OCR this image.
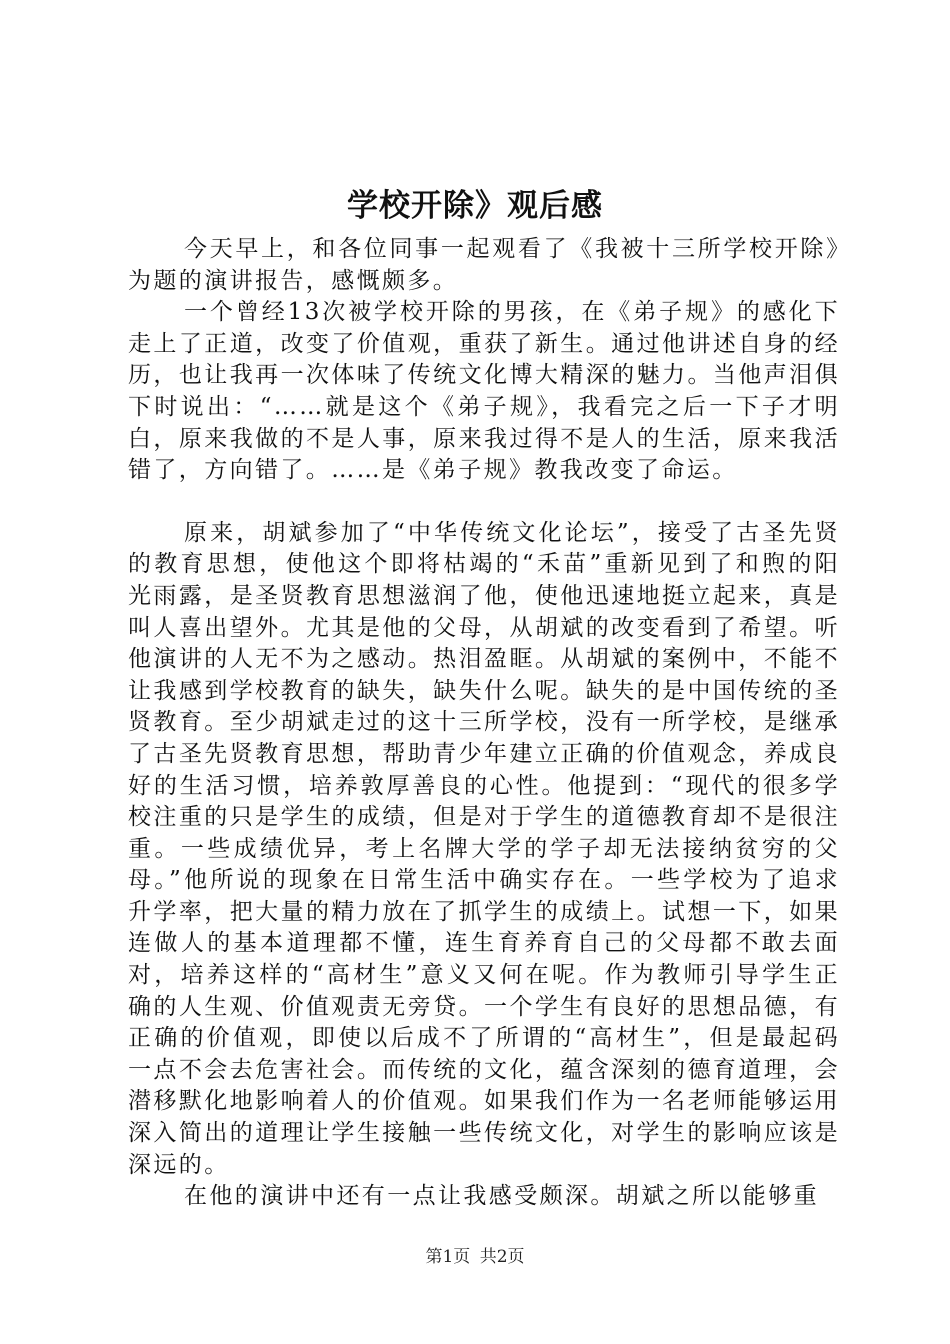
学校开除》观后感

今天早上，和各位同事一起观看了《我被十三所学校开除》为题的演讲报告，感慨颇多。

一个曾经13次被学校开除的男孩，在《弟子规》的感化下走上了正道，改变了价值观，重获了新生。通过他讲述自身的经历，也让我再一次体味了传统文化博大精深的魅力。当他声泪俱下时说出：“……就是这个《弟子规》，我看完之后一下子才明白，原来我做的不是人事，原来我过得不是人的生活，原来我活错了，方向错了。……是《弟子规》教我改变了命运。

原来，胡斌参加了“中华传统文化论坛”，接受了古圣先贤的教育思想，使他这个即将枯竭的“禾苗”重新见到了和煦的阳光雨露，是圣贤教育思想滋润了他，使他迅速地挺立起来，真是叫人喜出望外。尤其是他的父母，从胡斌的改变看到了希望。听他演讲的人无不为之感动。热泪盈眶。从胡斌的案例中，不能不让我感到学校教育的缺失，缺失什么呢。缺失的是中国传统的圣贤教育。至少胡斌走过的这十三所学校，没有一所学校，是继承了古圣先贤教育思想，帮助青少年建立正确的价值观念，养成良好的生活习惯，培养敦厚善良的心性。他提到：“现代的很多学校注重的只是学生的成绩，但是对于学生的道德教育却不是很注重。一些成绩优异，考上名牌大学的学子却无法接纳贫穷的父母。”他所说的现象在日常生活中确实存在。一些学校为了追求升学率，把大量的精力放在了抓学生的成绩上。试想一下，如果连做人的基本道理都不懂，连生育养育自己的父母都不敢去面对，培养这样的“高材生”意义又何在呢。作为教师引导学生正确的人生观、价值观责无旁贷。一个学生有良好的思想品德，有正确的价值观，即使以后成不了所谓的“高材生”，但是最起码一点不会去危害社会。而传统的文化，蕴含深刻的德育道理，会潜移默化地影响着人的价值观。如果我们作为一名老师能够运用深入简出的道理让学生接触一些传统文化，对学生的影响应该是深远的。

在他的演讲中还有一点让我感受颇深。胡斌之所以能够重

第1页 共2页
